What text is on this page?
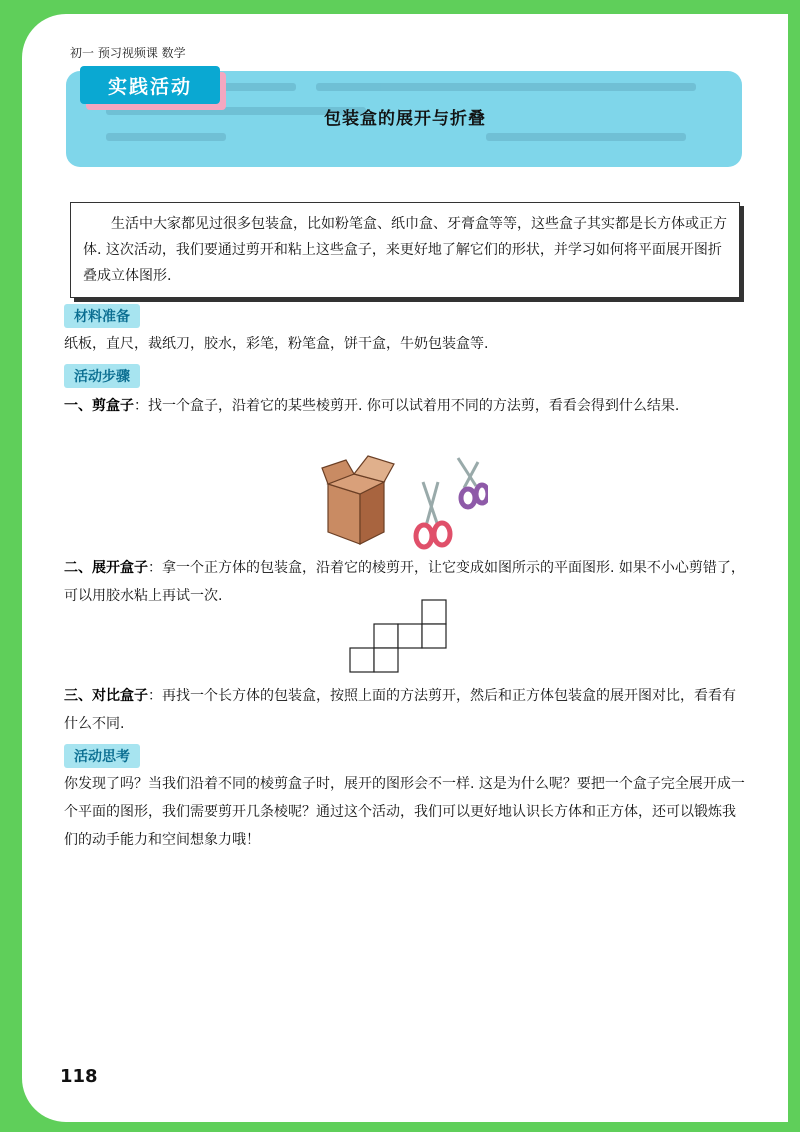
初一 预习视频课 数学
实践活动
包装盒的展开与折叠
生活中大家都见过很多包装盒，比如粉笔盒、纸巾盒、牙膏盒等等，这些盒子其实都是长方体或正方体. 这次活动，我们要通过剪开和粘上这些盒子，来更好地了解它们的形状，并学习如何将平面展开图折叠成立体图形.
材料准备
纸板，直尺，裁纸刀，胶水，彩笔，粉笔盒，饼干盒，牛奶包装盒等.
活动步骤
一、剪盒子：找一个盒子，沿着它的某些棱剪开. 你可以试着用不同的方法剪，看看会得到什么结果.
二、展开盒子：拿一个正方体的包装盒，沿着它的棱剪开，让它变成如图所示的平面图形. 如果不小心剪错了，可以用胶水粘上再试一次.
三、对比盒子：再找一个长方体的包装盒，按照上面的方法剪开，然后和正方体包装盒的展开图对比，看看有什么不同.
活动思考
你发现了吗？当我们沿着不同的棱剪盒子时，展开的图形会不一样. 这是为什么呢？要把一个盒子完全展开成一个平面的图形，我们需要剪开几条棱呢？通过这个活动，我们可以更好地认识长方体和正方体，还可以锻炼我们的动手能力和空间想象力哦！
118
